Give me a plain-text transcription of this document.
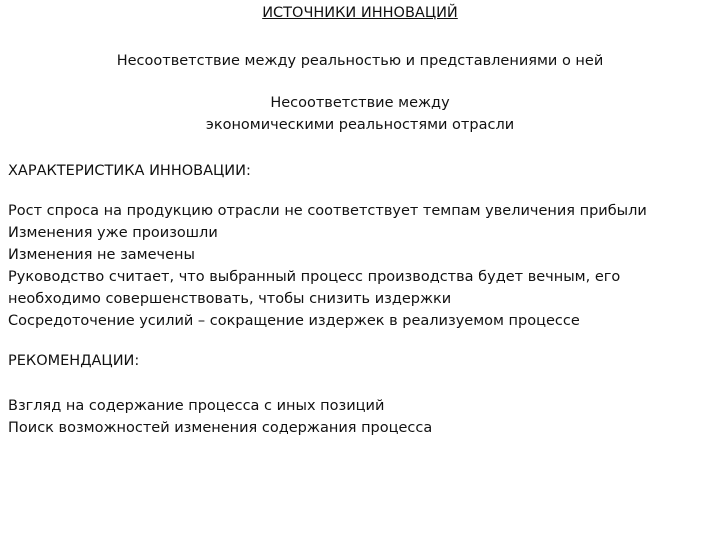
ИСТОЧНИКИ ИННОВАЦИЙ
Несоответствие между реальностью и представлениями о ней
Несоответствие между
экономическими реальностями отрасли
ХАРАКТЕРИСТИКА ИННОВАЦИИ:
Рост спроса на продукцию отрасли не соответствует темпам увеличения прибыли
Изменения уже произошли
Изменения не замечены
Руководство считает, что выбранный процесс производства будет вечным, его необходимо совершенствовать, чтобы снизить издержки
Сосредоточение усилий – сокращение издержек в реализуемом процессе
РЕКОМЕНДАЦИИ:
Взгляд на содержание процесса с иных позиций
Поиск возможностей изменения содержания процесса
